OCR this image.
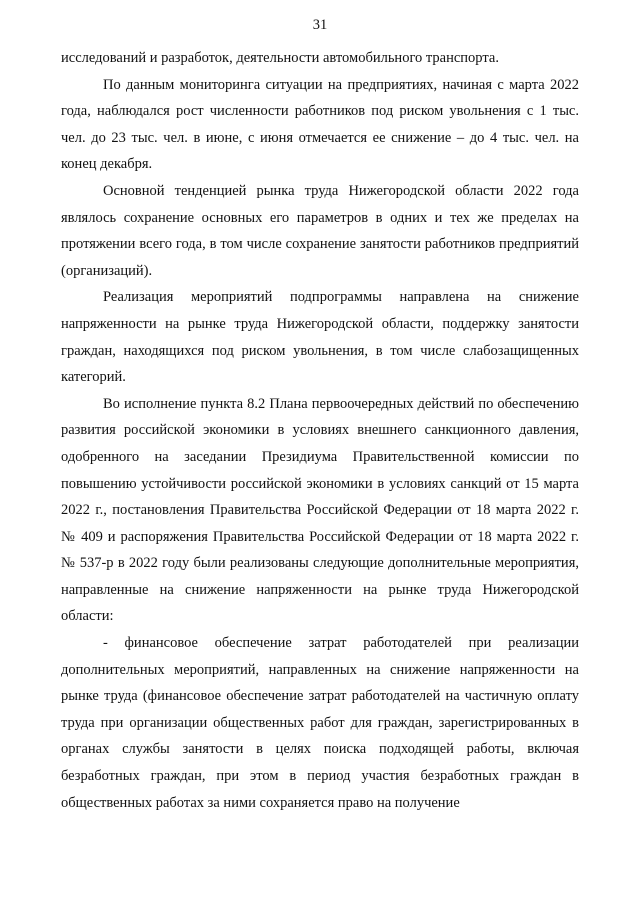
31

исследований и разработок, деятельности автомобильного транспорта.

По данным мониторинга ситуации на предприятиях, начиная с марта 2022 года, наблюдался рост численности работников под риском увольнения с 1 тыс. чел. до 23 тыс. чел. в июне, с июня отмечается ее снижение – до 4 тыс. чел. на конец декабря.

Основной тенденцией рынка труда Нижегородской области 2022 года являлось сохранение основных его параметров в одних и тех же пределах на протяжении всего года, в том числе сохранение занятости работников предприятий (организаций).

Реализация мероприятий подпрограммы направлена на снижение напряженности на рынке труда Нижегородской области, поддержку занятости граждан, находящихся под риском увольнения, в том числе слабозащищенных категорий.

Во исполнение пункта 8.2 Плана первоочередных действий по обеспечению развития российской экономики в условиях внешнего санкционного давления, одобренного на заседании Президиума Правительственной комиссии по повышению устойчивости российской экономики в условиях санкций от 15 марта 2022 г., постановления Правительства Российской Федерации от 18 марта 2022 г. № 409 и распоряжения Правительства Российской Федерации от 18 марта 2022 г. № 537-р в 2022 году были реализованы следующие дополнительные мероприятия, направленные на снижение напряженности на рынке труда Нижегородской области:

- финансовое обеспечение затрат работодателей при реализации дополнительных мероприятий, направленных на снижение напряженности на рынке труда (финансовое обеспечение затрат работодателей на частичную оплату труда при организации общественных работ для граждан, зарегистрированных в органах службы занятости в целях поиска подходящей работы, включая безработных граждан, при этом в период участия безработных граждан в общественных работах за ними сохраняется право на получение
